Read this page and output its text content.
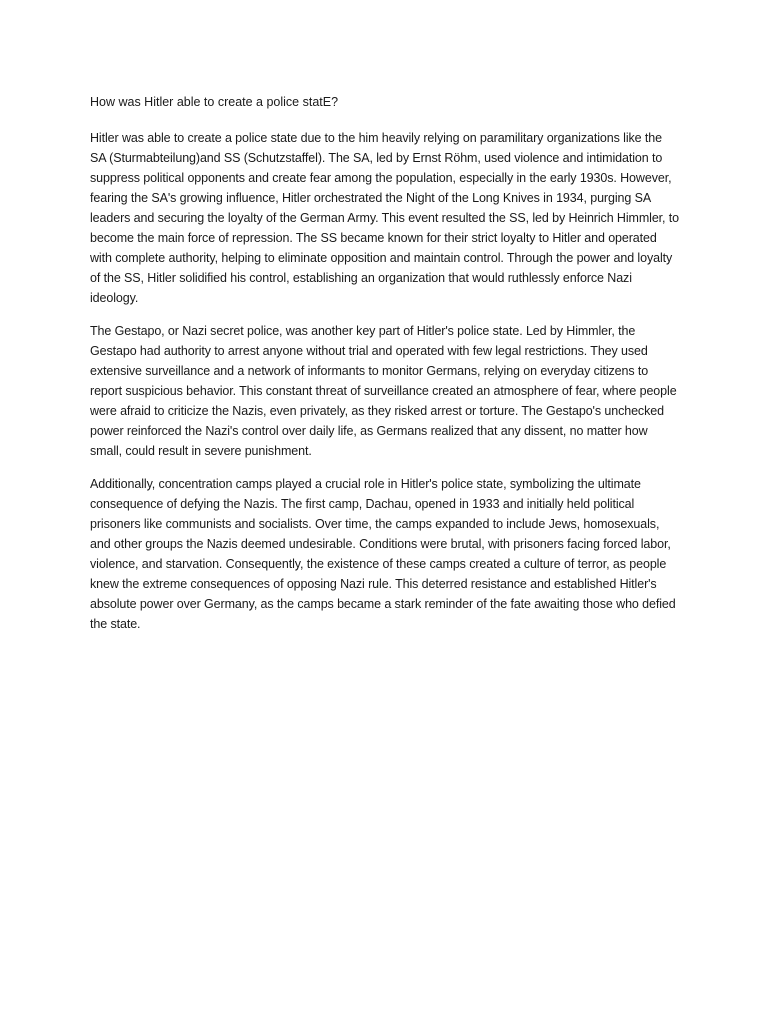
How was Hitler able to create a police statE?

Hitler was able to create a police state due to the him heavily relying on paramilitary organizations like the SA (Sturmabteilung)and SS (Schutzstaffel). The SA, led by Ernst Röhm, used violence and intimidation to suppress political opponents and create fear among the population, especially in the early 1930s. However, fearing the SA's growing influence, Hitler orchestrated the Night of the Long Knives in 1934, purging SA leaders and securing the loyalty of the German Army. This event resulted the SS, led by Heinrich Himmler, to become the main force of repression. The SS became known for their strict loyalty to Hitler and operated with complete authority, helping to eliminate opposition and maintain control. Through the power and loyalty of the SS, Hitler solidified his control, establishing an organization that would ruthlessly enforce Nazi ideology.

The Gestapo, or Nazi secret police, was another key part of Hitler's police state. Led by Himmler, the Gestapo had authority to arrest anyone without trial and operated with few legal restrictions. They used extensive surveillance and a network of informants to monitor Germans, relying on everyday citizens to report suspicious behavior. This constant threat of surveillance created an atmosphere of fear, where people were afraid to criticize the Nazis, even privately, as they risked arrest or torture. The Gestapo's unchecked power reinforced the Nazi's control over daily life, as Germans realized that any dissent, no matter how small, could result in severe punishment.

Additionally, concentration camps played a crucial role in Hitler's police state, symbolizing the ultimate consequence of defying the Nazis. The first camp, Dachau, opened in 1933 and initially held political prisoners like communists and socialists. Over time, the camps expanded to include Jews, homosexuals, and other groups the Nazis deemed undesirable. Conditions were brutal, with prisoners facing forced labor, violence, and starvation. Consequently, the existence of these camps created a culture of terror, as people knew the extreme consequences of opposing Nazi rule. This deterred resistance and established Hitler's absolute power over Germany, as the camps became a stark reminder of the fate awaiting those who defied the state.
